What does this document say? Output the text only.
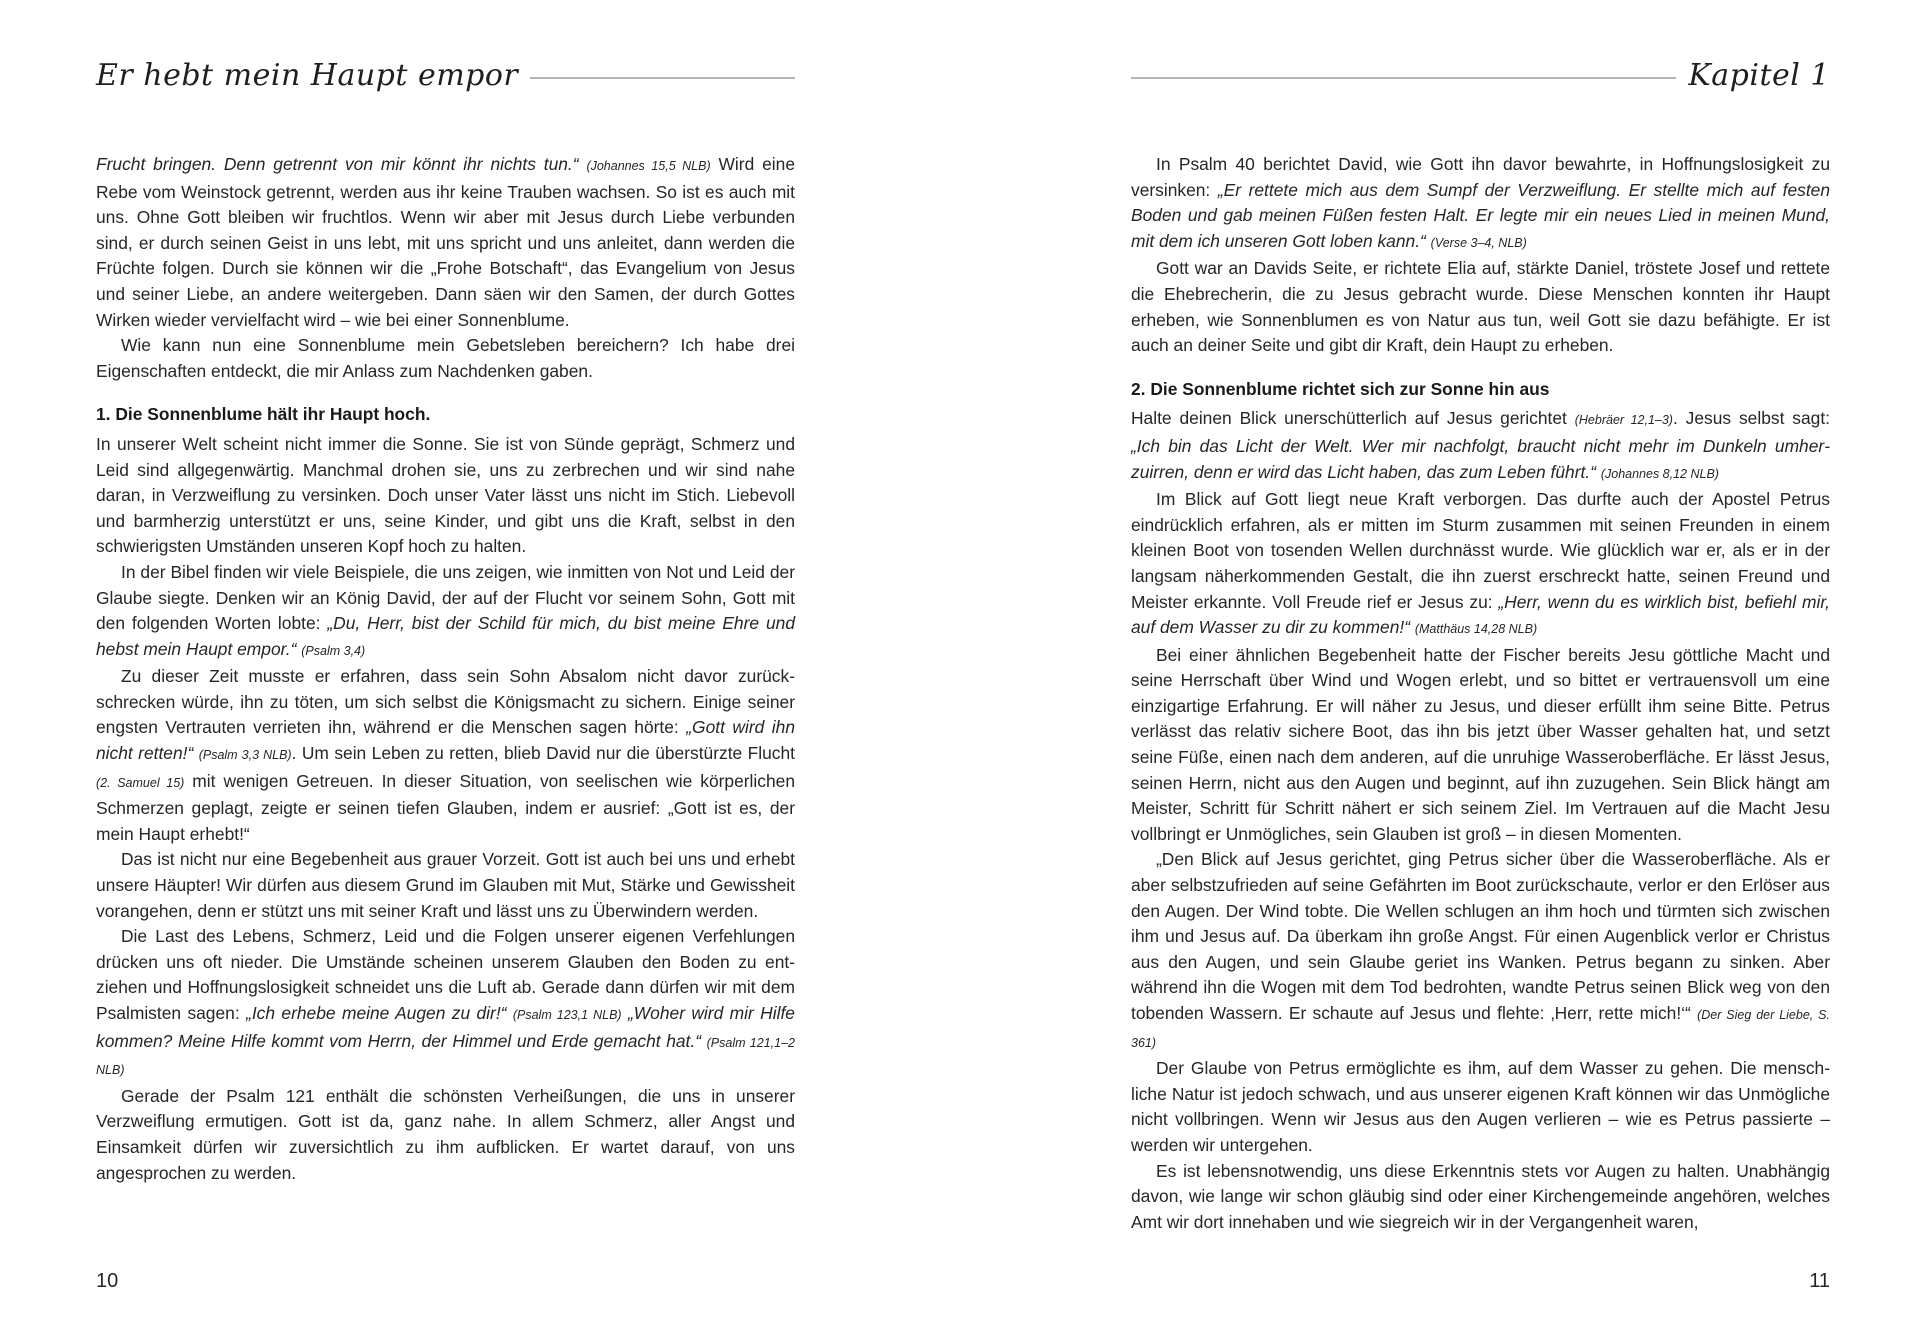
Er hebt mein Haupt empor

Frucht bringen. Denn getrennt von mir könnt ihr nichts tun.“ (Johannes 15,5 NLB) Wird eine Rebe vom Weinstock getrennt, werden aus ihr keine Trauben wachsen. So ist es auch mit uns. Ohne Gott bleiben wir fruchtlos. Wenn wir aber mit Jesus durch Liebe verbunden sind, er durch seinen Geist in uns lebt, mit uns spricht und uns anleitet, dann werden die Früchte folgen. Durch sie können wir die „Frohe Botschaft“, das Evangelium von Jesus und seiner Liebe, an andere weitergeben. Dann säen wir den Samen, der durch Gottes Wirken wieder vervielfacht wird – wie bei einer Sonnenblume.

Wie kann nun eine Sonnenblume mein Gebetsleben bereichern? Ich habe drei Eigenschaften entdeckt, die mir Anlass zum Nachdenken gaben.

1. Die Sonnenblume hält ihr Haupt hoch.

In unserer Welt scheint nicht immer die Sonne. Sie ist von Sünde geprägt, Schmerz und Leid sind allgegenwärtig. Manchmal drohen sie, uns zu zerbrechen und wir sind nahe daran, in Verzweiflung zu versinken. Doch unser Vater lässt uns nicht im Stich. Liebevoll und barmherzig unterstützt er uns, seine Kinder, und gibt uns die Kraft, selbst in den schwierigsten Umständen unseren Kopf hoch zu halten.

In der Bibel finden wir viele Beispiele, die uns zeigen, wie inmitten von Not und Leid der Glaube siegte. Denken wir an König David, der auf der Flucht vor seinem Sohn, Gott mit den folgenden Worten lobte: „Du, Herr, bist der Schild für mich, du bist meine Ehre und hebst mein Haupt empor.“ (Psalm 3,4)

Zu dieser Zeit musste er erfahren, dass sein Sohn Absalom nicht davor zurückschrecken würde, ihn zu töten, um sich selbst die Königsmacht zu sichern. Einige seiner engsten Vertrauten verrieten ihn, während er die Menschen sagen hörte: „Gott wird ihn nicht retten!“ (Psalm 3,3 NLB). Um sein Leben zu retten, blieb David nur die überstürzte Flucht (2. Samuel 15) mit wenigen Getreuen. In dieser Situation, von seelischen wie körperlichen Schmerzen geplagt, zeigte er seinen tiefen Glauben, indem er ausrief: „Gott ist es, der mein Haupt erhebt!“

Das ist nicht nur eine Begebenheit aus grauer Vorzeit. Gott ist auch bei uns und erhebt unsere Häupter! Wir dürfen aus diesem Grund im Glauben mit Mut, Stärke und Gewissheit vorangehen, denn er stützt uns mit seiner Kraft und lässt uns zu Überwindern werden.

Die Last des Lebens, Schmerz, Leid und die Folgen unserer eigenen Verfehlungen drücken uns oft nieder. Die Umstände scheinen unserem Glauben den Boden zu entziehen und Hoffnungslosigkeit schneidet uns die Luft ab. Gerade dann dürfen wir mit dem Psalmisten sagen: „Ich erhebe meine Augen zu dir!“ (Psalm 123,1 NLB) „Woher wird mir Hilfe kommen? Meine Hilfe kommt vom Herrn, der Himmel und Erde gemacht hat.“ (Psalm 121,1–2 NLB)

Gerade der Psalm 121 enthält die schönsten Verheißungen, die uns in unserer Verzweiflung ermutigen. Gott ist da, ganz nahe. In allem Schmerz, aller Angst und Einsamkeit dürfen wir zuversichtlich zu ihm aufblicken. Er wartet darauf, von uns angesprochen zu werden.

10
Kapitel 1

In Psalm 40 berichtet David, wie Gott ihn davor bewahrte, in Hoffnungslosigkeit zu versinken: „Er rettete mich aus dem Sumpf der Verzweiflung. Er stellte mich auf festen Boden und gab meinen Füßen festen Halt. Er legte mir ein neues Lied in meinen Mund, mit dem ich unseren Gott loben kann.“ (Verse 3–4, NLB)

Gott war an Davids Seite, er richtete Elia auf, stärkte Daniel, tröstete Josef und rettete die Ehebrecherin, die zu Jesus gebracht wurde. Diese Menschen konnten ihr Haupt erheben, wie Sonnenblumen es von Natur aus tun, weil Gott sie dazu befähigte. Er ist auch an deiner Seite und gibt dir Kraft, dein Haupt zu erheben.

2. Die Sonnenblume richtet sich zur Sonne hin aus

Halte deinen Blick unerschütterlich auf Jesus gerichtet (Hebräer 12,1–3). Jesus selbst sagt: „Ich bin das Licht der Welt. Wer mir nachfolgt, braucht nicht mehr im Dunkeln umherzuirren, denn er wird das Licht haben, das zum Leben führt.“ (Johannes 8,12 NLB)

Im Blick auf Gott liegt neue Kraft verborgen. Das durfte auch der Apostel Petrus eindrücklich erfahren, als er mitten im Sturm zusammen mit seinen Freunden in einem kleinen Boot von tosenden Wellen durchnässt wurde. Wie glücklich war er, als er in der langsam näherkommenden Gestalt, die ihn zuerst erschreckt hatte, seinen Freund und Meister erkannte. Voll Freude rief er Jesus zu: „Herr, wenn du es wirklich bist, befiehl mir, auf dem Wasser zu dir zu kommen!“ (Matthäus 14,28 NLB)

Bei einer ähnlichen Begebenheit hatte der Fischer bereits Jesu göttliche Macht und seine Herrschaft über Wind und Wogen erlebt, und so bittet er vertrauensvoll um eine einzigartige Erfahrung. Er will näher zu Jesus, und dieser erfüllt ihm seine Bitte. Petrus verlässt das relativ sichere Boot, das ihn bis jetzt über Wasser gehalten hat, und setzt seine Füße, einen nach dem anderen, auf die unruhige Wasseroberfläche. Er lässt Jesus, seinen Herrn, nicht aus den Augen und beginnt, auf ihn zuzugehen. Sein Blick hängt am Meister, Schritt für Schritt nähert er sich seinem Ziel. Im Vertrauen auf die Macht Jesu vollbringt er Unmögliches, sein Glauben ist groß – in diesen Momenten.

„Den Blick auf Jesus gerichtet, ging Petrus sicher über die Wasseroberfläche. Als er aber selbstzufrieden auf seine Gefährten im Boot zurückschaute, verlor er den Erlöser aus den Augen. Der Wind tobte. Die Wellen schlugen an ihm hoch und türmten sich zwischen ihm und Jesus auf. Da überkam ihn große Angst. Für einen Augenblick verlor er Christus aus den Augen, und sein Glaube geriet ins Wanken. Petrus begann zu sinken. Aber während ihn die Wogen mit dem Tod bedrohten, wandte Petrus seinen Blick weg von den tobenden Wassern. Er schaute auf Jesus und flehte: ‚Herr, rette mich!‘“ (Der Sieg der Liebe, S. 361)

Der Glaube von Petrus ermöglichte es ihm, auf dem Wasser zu gehen. Die menschliche Natur ist jedoch schwach, und aus unserer eigenen Kraft können wir das Unmögliche nicht vollbringen. Wenn wir Jesus aus den Augen verlieren – wie es Petrus passierte – werden wir untergehen.

Es ist lebensnotwendig, uns diese Erkenntnis stets vor Augen zu halten. Unabhängig davon, wie lange wir schon gläubig sind oder einer Kirchengemeinde angehören, welches Amt wir dort innehaben und wie siegreich wir in der Vergangenheit waren,

11
